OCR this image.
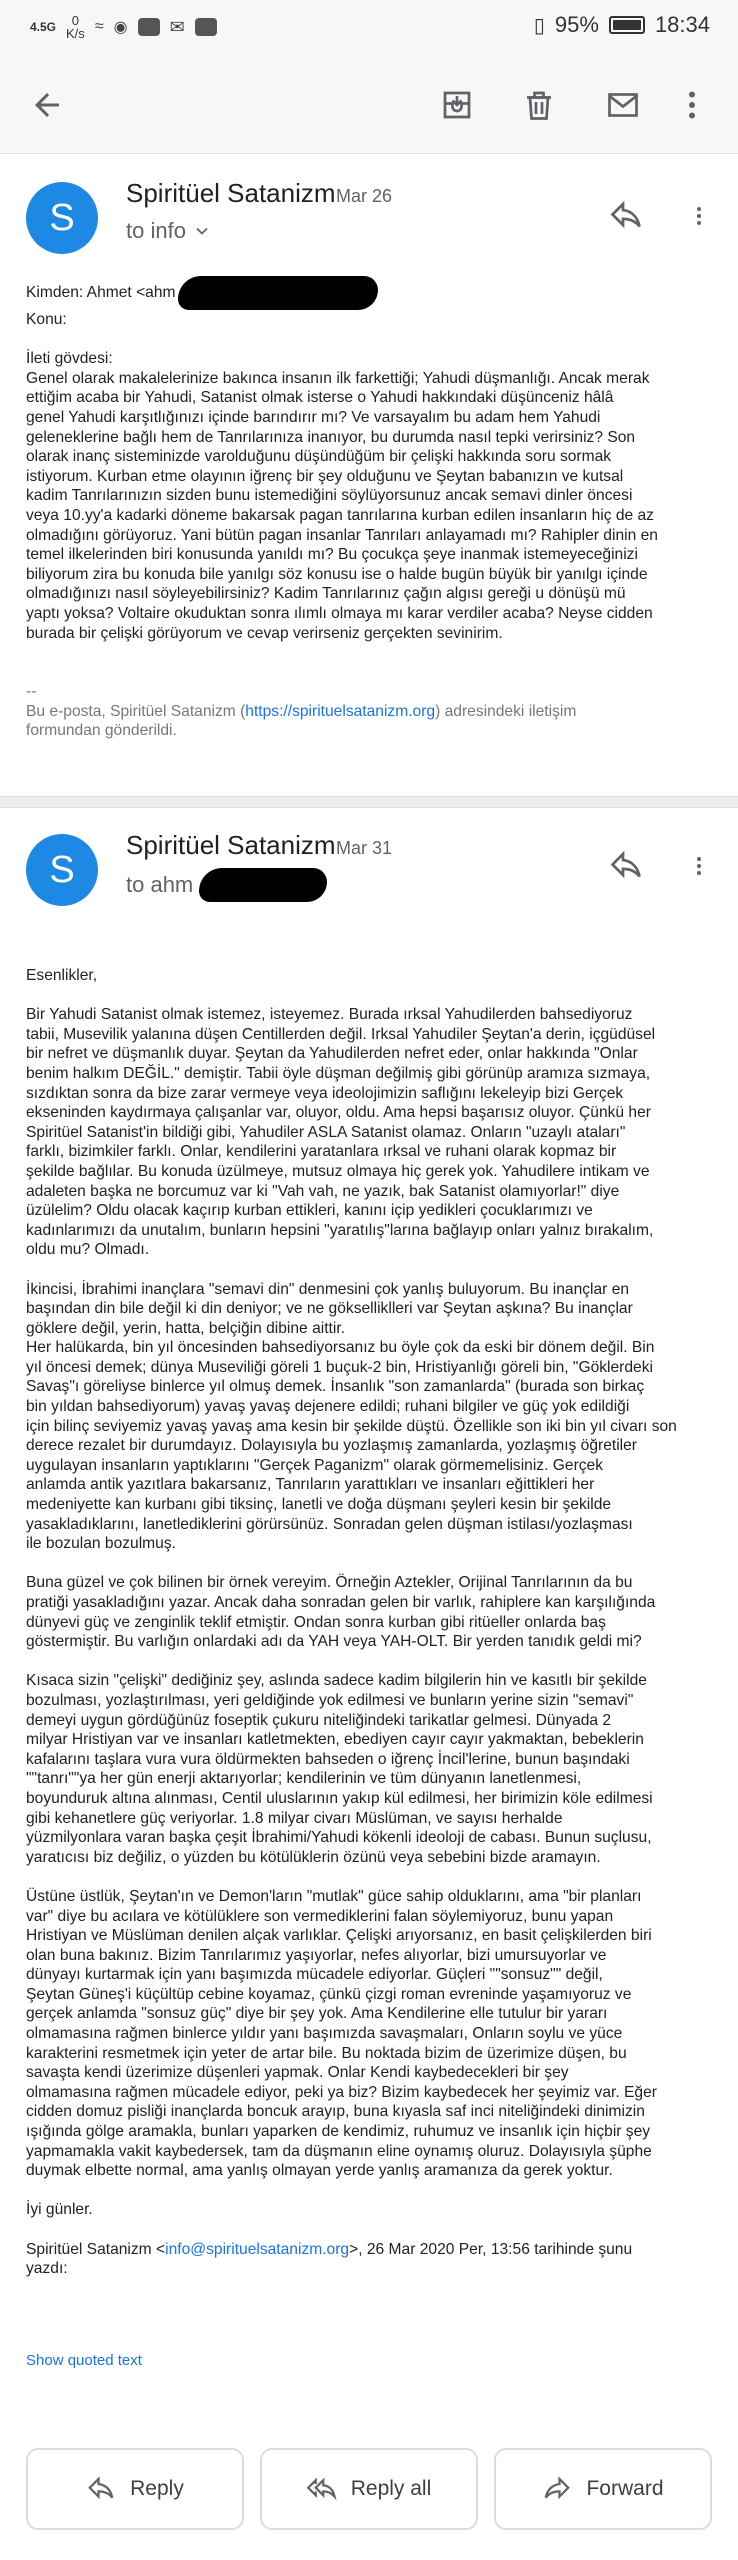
4.5G	0
K/s ≈ ◉ ✉	▯ 95%	18:34
S
Spiritüel Satanizm Mar 26
to info

Kimden: Ahmet <ahm

Konu:

İleti gövdesi:

Genel olarak makalelerinize bakınca insanın ilk farkettiği; Yahudi düşmanlığı. Ancak merak

ettiğim acaba bir Yahudi, Satanist olmak isterse o Yahudi hakkındaki düşünceniz hâlâ

genel Yahudi karşıtlığınızı içinde barındırır mı? Ve varsayalım bu adam hem Yahudi

geleneklerine bağlı hem de Tanrılarınıza inanıyor, bu durumda nasıl tepki verirsiniz? Son

olarak inanç sisteminizde varolduğunu düşündüğüm bir çelişki hakkında soru sormak

istiyorum. Kurban etme olayının iğrenç bir şey olduğunu ve Şeytan babanızın ve kutsal

kadim Tanrılarınızın sizden bunu istemediğini söylüyorsunuz ancak semavi dinler öncesi

veya 10.yy'a kadarki döneme bakarsak pagan tanrılarına kurban edilen insanların hiç de az

olmadığını görüyoruz. Yani bütün pagan insanlar Tanrıları anlayamadı mı? Rahipler dinin en

temel ilkelerinden biri konusunda yanıldı mı? Bu çocukça şeye inanmak istemeyeceğinizi

biliyorum zira bu konuda bile yanılgı söz konusu ise o halde bugün büyük bir yanılgı içinde

olmadığınızı nasıl söyleyebilirsiniz? Kadim Tanrılarınız çağın algısı gereği u dönüşü mü

yaptı yoksa? Voltaire okuduktan sonra ılımlı olmaya mı karar verdiler acaba? Neyse cidden

burada bir çelişki görüyorum ve cevap verirseniz gerçekten sevinirim.

--

Bu e-posta, Spiritüel Satanizm (https://spirituelsatanizm.org) adresindeki iletişim

formundan gönderildi.

S
Spiritüel Satanizm Mar 31
to ahm

Esenlikler,

Bir Yahudi Satanist olmak istemez, isteyemez. Burada ırksal Yahudilerden bahsediyoruz

tabii, Musevilik yalanına düşen Centillerden değil. Irksal Yahudiler Şeytan'a derin, içgüdüsel

bir nefret ve düşmanlık duyar. Şeytan da Yahudilerden nefret eder, onlar hakkında "Onlar

benim halkım DEĞİL." demiştir. Tabii öyle düşman değilmiş gibi görünüp aramıza sızmaya,

sızdıktan sonra da bize zarar vermeye veya ideolojimizin saflığını lekeleyip bizi Gerçek

ekseninden kaydırmaya çalışanlar var, oluyor, oldu. Ama hepsi başarısız oluyor. Çünkü her

Spiritüel Satanist'in bildiği gibi, Yahudiler ASLA Satanist olamaz. Onların "uzaylı ataları"

farklı, bizimkiler farklı. Onlar, kendilerini yaratanlara ırksal ve ruhani olarak kopmaz bir

şekilde bağlılar. Bu konuda üzülmeye, mutsuz olmaya hiç gerek yok. Yahudilere intikam ve

adaleten başka ne borcumuz var ki "Vah vah, ne yazık, bak Satanist olamıyorlar!" diye

üzülelim? Oldu olacak kaçırıp kurban ettikleri, kanını içip yedikleri çocuklarımızı ve

kadınlarımızı da unutalım, bunların hepsini "yaratılış"larına bağlayıp onları yalnız bırakalım,

oldu mu? Olmadı.

İkincisi, İbrahimi inançlara "semavi din" denmesini çok yanlış buluyorum. Bu inançlar en

başından din bile değil ki din deniyor; ve ne gökselliklleri var Şeytan aşkına? Bu inançlar

göklere değil, yerin, hatta, belçiğin dibine aittir.

Her halükarda, bin yıl öncesinden bahsediyorsanız bu öyle çok da eski bir dönem değil. Bin

yıl öncesi demek; dünya Museviliği göreli 1 buçuk-2 bin, Hristiyanlığı göreli bin, "Göklerdeki

Savaş"ı göreliyse binlerce yıl olmuş demek. İnsanlık "son zamanlarda" (burada son birkaç

bin yıldan bahsediyorum) yavaş yavaş dejenere edildi; ruhani bilgiler ve güç yok edildiği

için bilinç seviyemiz yavaş yavaş ama kesin bir şekilde düştü. Özellikle son iki bin yıl civarı son

derece rezalet bir durumdayız. Dolayısıyla bu yozlaşmış zamanlarda, yozlaşmış öğretiler

uygulayan insanların yaptıklarını "Gerçek Paganizm" olarak görmemelisiniz. Gerçek

anlamda antik yazıtlara bakarsanız, Tanrıların yarattıkları ve insanları eğittikleri her

medeniyette kan kurbanı gibi tiksinç, lanetli ve doğa düşmanı şeyleri kesin bir şekilde

yasakladıklarını, lanetlediklerini görürsünüz. Sonradan gelen düşman istilası/yozlaşması

ile bozulan bozulmuş.

Buna güzel ve çok bilinen bir örnek vereyim. Örneğin Aztekler, Orijinal Tanrılarının da bu

pratiği yasakladığını yazar. Ancak daha sonradan gelen bir varlık, rahiplere kan karşılığında

dünyevi güç ve zenginlik teklif etmiştir. Ondan sonra kurban gibi ritüeller onlarda baş

göstermiştir. Bu varlığın onlardaki adı da YAH veya YAH-OLT. Bir yerden tanıdık geldi mi?

Kısaca sizin "çelişki" dediğiniz şey, aslında sadece kadim bilgilerin hin ve kasıtlı bir şekilde

bozulması, yozlaştırılması, yeri geldiğinde yok edilmesi ve bunların yerine sizin "semavi"

demeyi uygun gördüğünüz foseptik çukuru niteliğindeki tarikatlar gelmesi. Dünyada 2

milyar Hristiyan var ve insanları katletmekten, ebediyen cayır cayır yakmaktan, bebeklerin

kafalarını taşlara vura vura öldürmekten bahseden o iğrenç İncil'lerine, bunun başındaki

""tanrı""ya her gün enerji aktarıyorlar; kendilerinin ve tüm dünyanın lanetlenmesi,

boyunduruk altına alınması, Centil uluslarının yakıp kül edilmesi, her birimizin köle edilmesi

gibi kehanetlere güç veriyorlar. 1.8 milyar civarı Müslüman, ve sayısı herhalde

yüzmilyonlara varan başka çeşit İbrahimi/Yahudi kökenli ideoloji de cabası. Bunun suçlusu,

yaratıcısı biz değiliz, o yüzden bu kötülüklerin özünü veya sebebini bizde aramayın.

Üstüne üstlük, Şeytan'ın ve Demon'ların "mutlak" güce sahip olduklarını, ama "bir planları

var" diye bu acılara ve kötülüklere son vermediklerini falan söylemiyoruz, bunu yapan

Hristiyan ve Müslüman denilen alçak varlıklar. Çelişki arıyorsanız, en basit çelişkilerden biri

olan buna bakınız. Bizim Tanrılarımız yaşıyorlar, nefes alıyorlar, bizi umursuyorlar ve

dünyayı kurtarmak için yanı başımızda mücadele ediyorlar. Güçleri ""sonsuz"" değil,

Şeytan Güneş'i küçültüp cebine koyamaz, çünkü çizgi roman evreninde yaşamıyoruz ve

gerçek anlamda "sonsuz güç" diye bir şey yok. Ama Kendilerine elle tutulur bir yararı

olmamasına rağmen binlerce yıldır yanı başımızda savaşmaları, Onların soylu ve yüce

karakterini resmetmek için yeter de artar bile. Bu noktada bizim de üzerimize düşen, bu

savaşta kendi üzerimize düşenleri yapmak. Onlar Kendi kaybedecekleri bir şey

olmamasına rağmen mücadele ediyor, peki ya biz? Bizim kaybedecek her şeyimiz var. Eğer

cidden domuz pisliği inançlarda boncuk arayıp, buna kıyasla saf inci niteliğindeki dinimizin

ışığında gölge aramakla, bunları yaparken de kendimiz, ruhumuz ve insanlık için hiçbir şey

yapmamakla vakit kaybedersek, tam da düşmanın eline oynamış oluruz. Dolayısıyla şüphe

duymak elbette normal, ama yanlış olmayan yerde yanlış aramanıza da gerek yoktur.

İyi günler.

Spiritüel Satanizm <info@spirituelsatanizm.org>, 26 Mar 2020 Per, 13:56 tarihinde şunu

yazdı:

Show quoted text
Reply	Reply all	Forward
